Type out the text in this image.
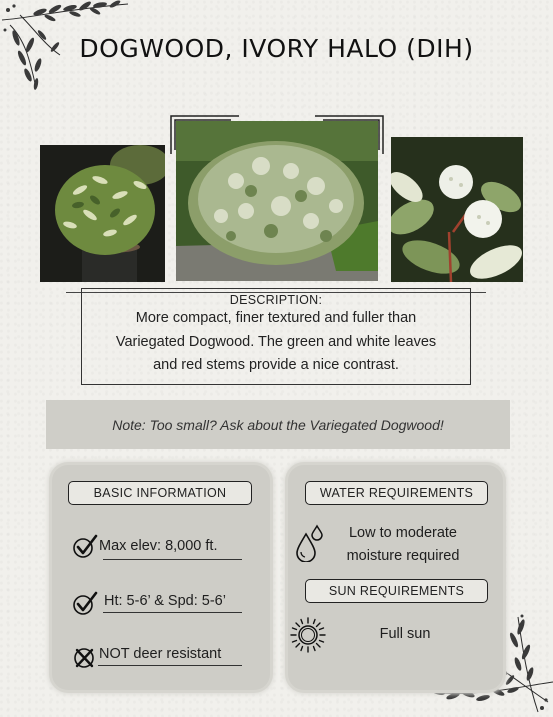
DOGWOOD, IVORY HALO (DIH)
DESCRIPTION:
More compact, finer textured and fuller than
Variegated Dogwood. The green and white leaves
and red stems provide a nice contrast.
Note: Too small? Ask about the Variegated Dogwood!
BASIC INFORMATION	WATER REQUIREMENTS
SUN REQUIREMENTS
Max elev: 8,000 ft.
Ht: 5-6’ & Spd: 5-6’
NOT deer resistant
Low to moderate
moisture required
Full sun
